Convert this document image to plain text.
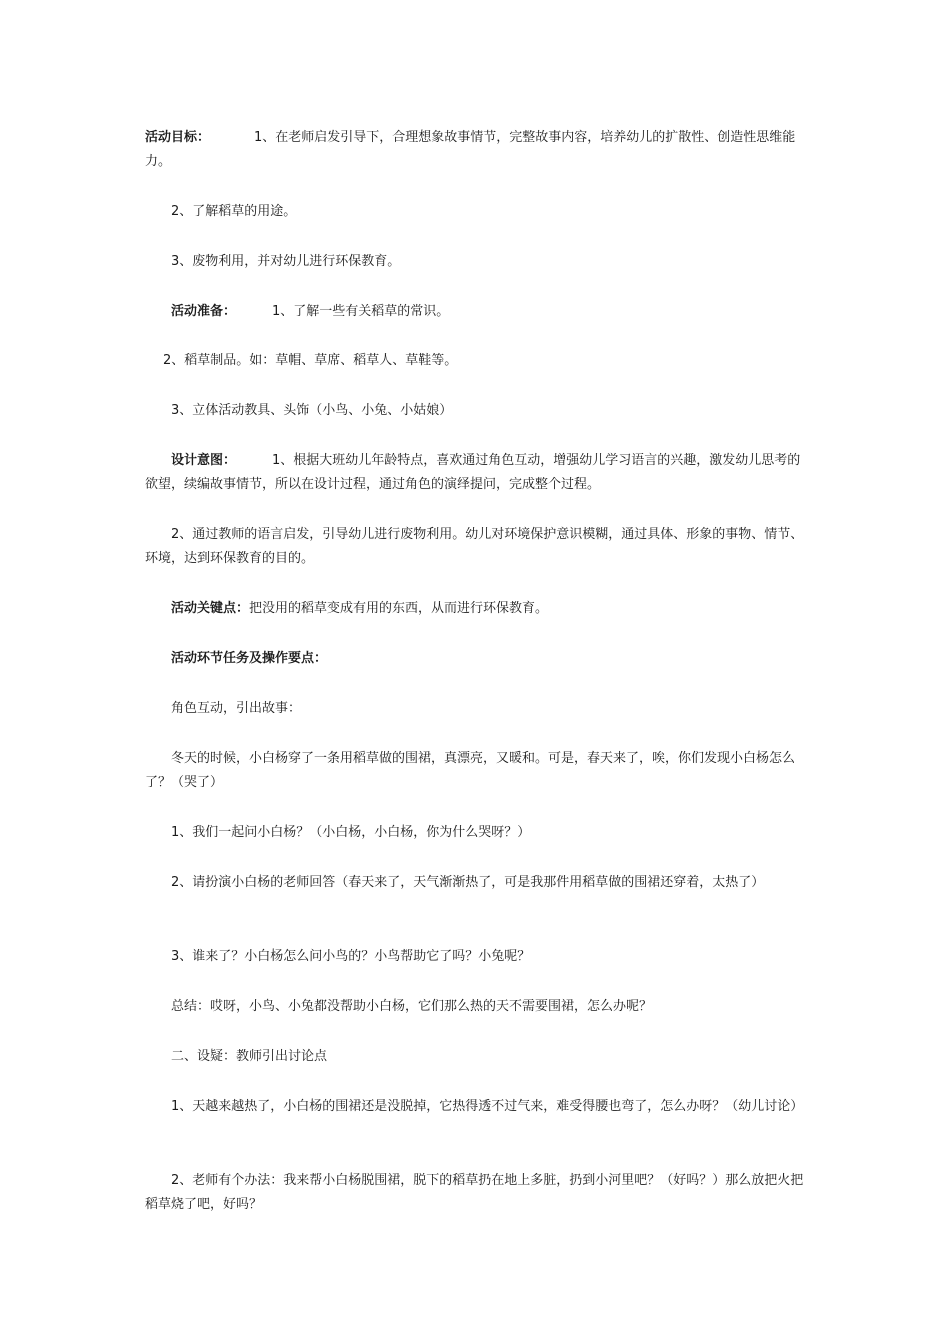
活动目标：	1、在老师启发引导下，合理想象故事情节，完整故事内容，培养幼儿的扩散性、创造性思维能力。

2、了解稻草的用途。

3、废物利用，并对幼儿进行环保教育。

活动准备：	1、了解一些有关稻草的常识。

2、稻草制品。如：草帽、草席、稻草人、草鞋等。

3、立体活动教具、头饰（小鸟、小兔、小姑娘）

设计意图：	1、根据大班幼儿年龄特点，喜欢通过角色互动，增强幼儿学习语言的兴趣，激发幼儿思考的欲望，续编故事情节，所以在设计过程，通过角色的演绎提问，完成整个过程。

2、通过教师的语言启发，引导幼儿进行废物利用。幼儿对环境保护意识模糊，通过具体、形象的事物、情节、环境，达到环保教育的目的。

活动关键点：把没用的稻草变成有用的东西，从而进行环保教育。

活动环节任务及操作要点：

角色互动，引出故事：

冬天的时候，小白杨穿了一条用稻草做的围裙，真漂亮，又暖和。可是，春天来了，唉，你们发现小白杨怎么了？（哭了）

1、我们一起问小白杨？（小白杨，小白杨，你为什么哭呀？）

2、请扮演小白杨的老师回答（春天来了，天气渐渐热了，可是我那件用稻草做的围裙还穿着，太热了）

3、谁来了？小白杨怎么问小鸟的？小鸟帮助它了吗？小兔呢？

总结：哎呀，小鸟、小兔都没帮助小白杨，它们那么热的天不需要围裙，怎么办呢？

二、设疑：教师引出讨论点

1、天越来越热了，小白杨的围裙还是没脱掉，它热得透不过气来，难受得腰也弯了，怎么办呀？（幼儿讨论）

2、老师有个办法：我来帮小白杨脱围裙，脱下的稻草扔在地上多脏，扔到小河里吧？（好吗？）那么放把火把稻草烧了吧，好吗？
